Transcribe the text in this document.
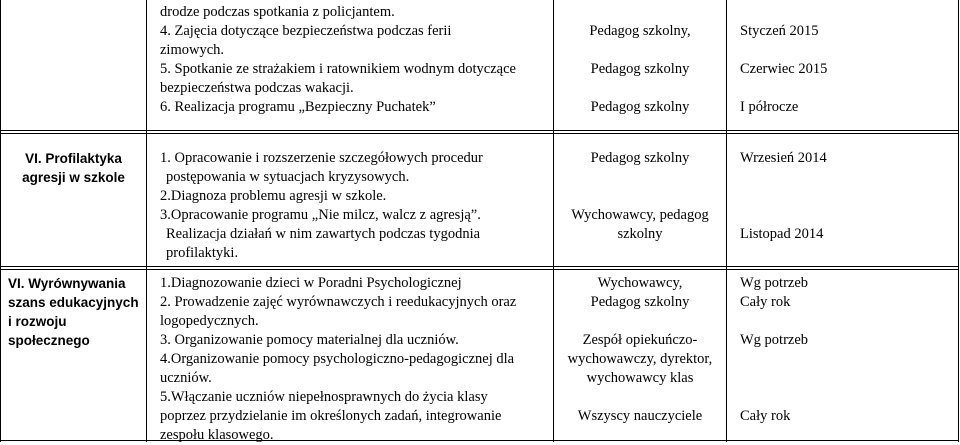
drodze podczas spotkania z policjantem.
4. Zajęcia dotyczące bezpieczeństwa podczas ferii
zimowych.
5. Spotkanie ze strażakiem i ratownikiem wodnym dotyczące
bezpieczeństwa podczas wakacji.
6. Realizacja programu „Bezpieczny Puchatek”
Pedagog szkolny,
Pedagog szkolny
Pedagog szkolny
Styczeń 2015
Czerwiec 2015
I półrocze
VI. Profilaktyka
agresji w szkole
1. Opracowanie i rozszerzenie szczegółowych procedur
postępowania w sytuacjach kryzysowych.
2.Diagnoza problemu agresji w szkole.
3.Opracowanie programu „Nie milcz, walcz z agresją”.
Realizacja działań w nim zawartych podczas tygodnia
profilaktyki.
Pedagog szkolny
Wychowawcy, pedagog
szkolny
Wrzesień 2014
Listopad 2014
VI. Wyrównywania
szans edukacyjnych
i rozwoju
społecznego
1.Diagnozowanie dzieci w Poradni Psychologicznej
2. Prowadzenie zajęć wyrównawczych i reedukacyjnych oraz
logopedycznych.
3. Organizowanie pomocy materialnej dla uczniów.
4.Organizowanie pomocy psychologiczno-pedagogicznej dla
uczniów.
5.Włączanie uczniów niepełnosprawnych do życia klasy
poprzez przydzielanie im określonych zadań, integrowanie
zespołu klasowego.
Wychowawcy,
Pedagog szkolny
Zespół opiekuńczo-
wychowawczy, dyrektor,
wychowawcy klas
Wszyscy nauczyciele
Wg potrzeb
Cały rok
Wg potrzeb
Cały rok
